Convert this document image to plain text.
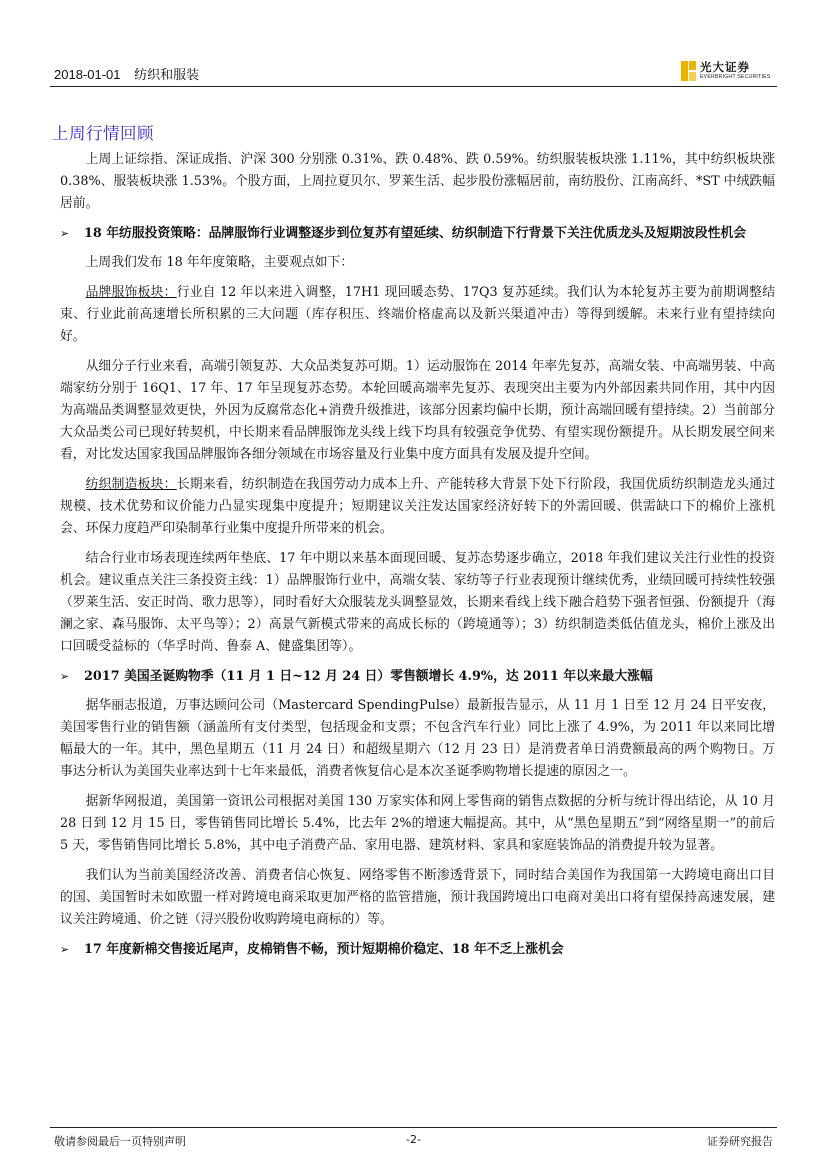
2018-01-01 纺织和服装	光大证券
EVERBRIGHT SECURITIES
上周行情回顾

上周上证综指、深证成指、沪深 300 分别涨 0.31%、跌 0.48%、跌 0.59%。纺织服装板块涨 1.11%，其中纺织板块涨 0.38%、服装板块涨 1.53%。个股方面，上周拉夏贝尔、罗莱生活、起步股份涨幅居前，南纺股份、江南高纤、*ST 中绒跌幅居前。

➢ 18 年纺服投资策略：品牌服饰行业调整逐步到位复苏有望延续、纺织制造下行背景下关注优质龙头及短期波段性机会

上周我们发布 18 年年度策略，主要观点如下：

品牌服饰板块：行业自 12 年以来进入调整，17H1 现回暖态势、17Q3 复苏延续。我们认为本轮复苏主要为前期调整结束、行业此前高速增长所积累的三大问题（库存积压、终端价格虚高以及新兴渠道冲击）等得到缓解。未来行业有望持续向好。

从细分子行业来看，高端引领复苏、大众品类复苏可期。1）运动服饰在 2014 年率先复苏，高端女装、中高端男装、中高端家纺分别于 16Q1、17 年、17 年呈现复苏态势。本轮回暖高端率先复苏、表现突出主要为内外部因素共同作用，其中内因为高端品类调整显效更快，外因为反腐常态化+消费升级推进，该部分因素均偏中长期，预计高端回暖有望持续。2）当前部分大众品类公司已现好转契机，中长期来看品牌服饰龙头线上线下均具有较强竞争优势、有望实现份额提升。从长期发展空间来看，对比发达国家我国品牌服饰各细分领域在市场容量及行业集中度方面具有发展及提升空间。

纺织制造板块：长期来看，纺织制造在我国劳动力成本上升、产能转移大背景下处下行阶段，我国优质纺织制造龙头通过规模、技术优势和议价能力凸显实现集中度提升；短期建议关注发达国家经济好转下的外需回暖、供需缺口下的棉价上涨机会、环保力度趋严印染制革行业集中度提升所带来的机会。

结合行业市场表现连续两年垫底、17 年中期以来基本面现回暖、复苏态势逐步确立，2018 年我们建议关注行业性的投资机会。建议重点关注三条投资主线：1）品牌服饰行业中，高端女装、家纺等子行业表现预计继续优秀，业绩回暖可持续性较强（罗莱生活、安正时尚、歌力思等），同时看好大众服装龙头调整显效，长期来看线上线下融合趋势下强者恒强、份额提升（海澜之家、森马服饰、太平鸟等）；2）高景气新模式带来的高成长标的（跨境通等）；3）纺织制造类低估值龙头，棉价上涨及出口回暖受益标的（华孚时尚、鲁泰 A、健盛集团等）。

➢ 2017 美国圣诞购物季（11 月 1 日~12 月 24 日）零售额增长 4.9%，达 2011 年以来最大涨幅

据华丽志报道，万事达顾问公司（Mastercard SpendingPulse）最新报告显示，从 11 月 1 日至 12 月 24 日平安夜，美国零售行业的销售额（涵盖所有支付类型，包括现金和支票；不包含汽车行业）同比上涨了 4.9%，为 2011 年以来同比增幅最大的一年。其中，黑色星期五（11 月 24 日）和超级星期六（12 月 23 日）是消费者单日消费额最高的两个购物日。万事达分析认为美国失业率达到十七年来最低，消费者恢复信心是本次圣诞季购物增长提速的原因之一。

据新华网报道，美国第一资讯公司根据对美国 130 万家实体和网上零售商的销售点数据的分析与统计得出结论，从 10 月 28 日到 12 月 15 日，零售销售同比增长 5.4%，比去年 2%的增速大幅提高。其中，从“黑色星期五”到“网络星期一”的前后 5 天，零售销售同比增长 5.8%，其中电子消费产品、家用电器、建筑材料、家具和家庭装饰品的消费提升较为显著。

我们认为当前美国经济改善、消费者信心恢复、网络零售不断渗透背景下，同时结合美国作为我国第一大跨境电商出口目的国、美国暂时未如欧盟一样对跨境电商采取更加严格的监管措施，预计我国跨境出口电商对美出口将有望保持高速发展，建议关注跨境通、价之链（浔兴股份收购跨境电商标的）等。

➢ 17 年度新棉交售接近尾声，皮棉销售不畅，预计短期棉价稳定、18 年不乏上涨机会
敬请参阅最后一页特别声明	-2-	证券研究报告
